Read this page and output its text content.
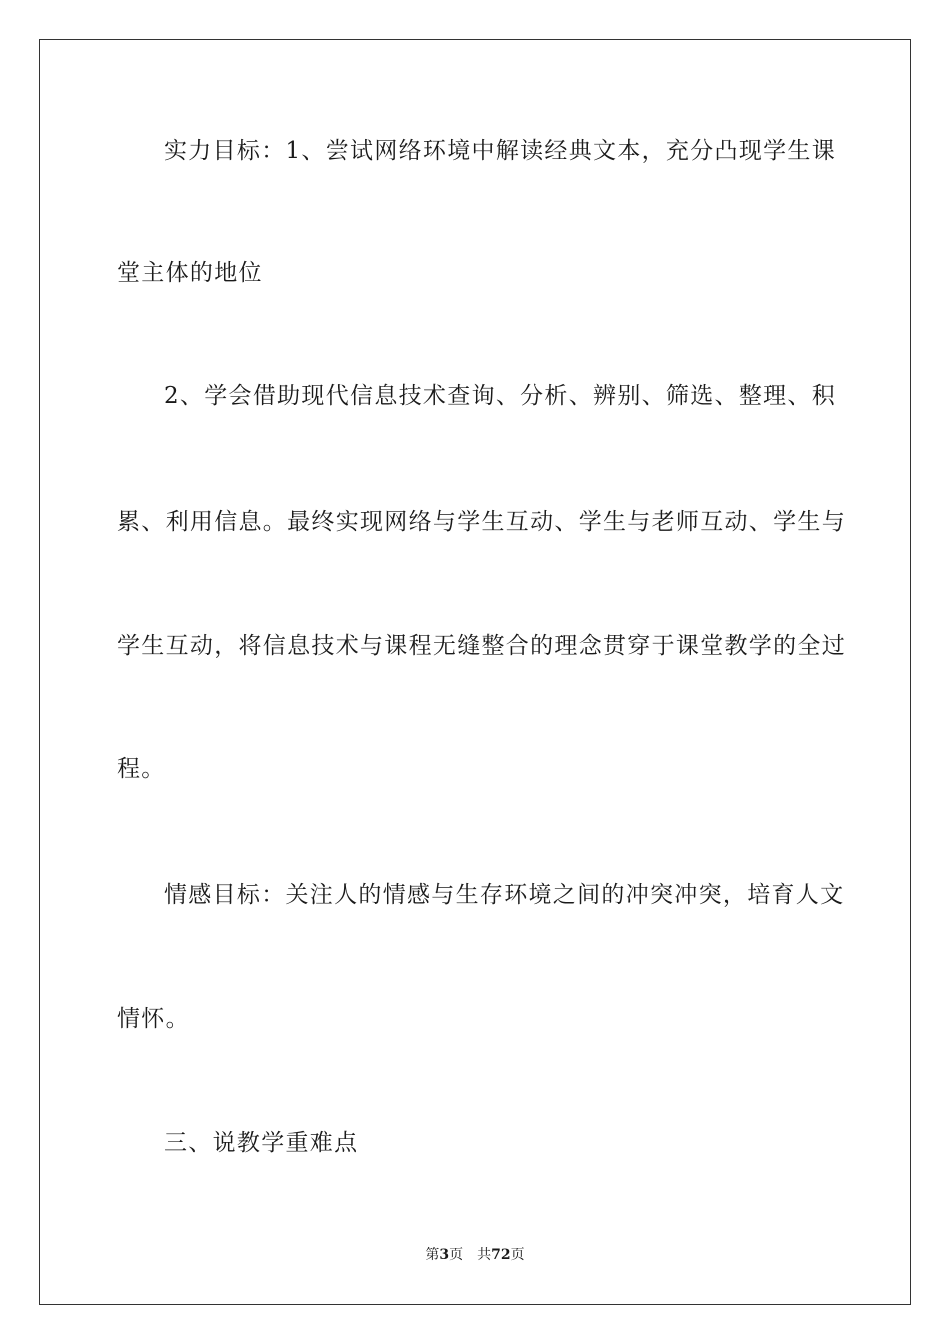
实力目标：1、尝试网络环境中解读经典文本，充分凸现学生课
堂主体的地位
2、学会借助现代信息技术查询、分析、辨别、筛选、整理、积
累、利用信息。最终实现网络与学生互动、学生与老师互动、学生与
学生互动，将信息技术与课程无缝整合的理念贯穿于课堂教学的全过
程。
情感目标：关注人的情感与生存环境之间的冲突冲突，培育人文
情怀。
三、说教学重难点
第3页 共72页
